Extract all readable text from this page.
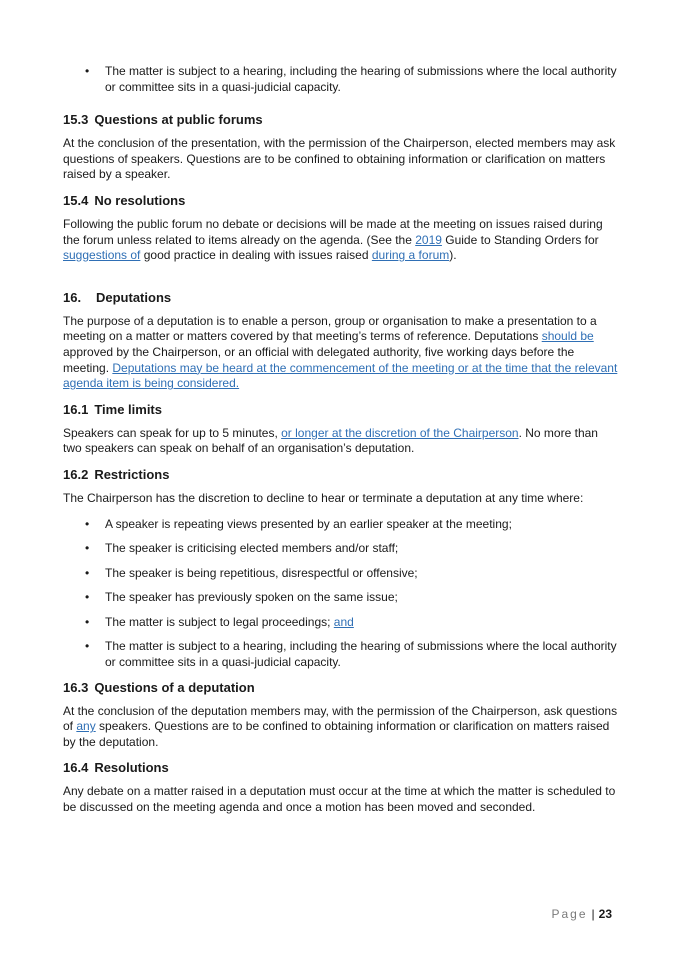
• The matter is subject to a hearing, including the hearing of submissions where the local authority or committee sits in a quasi-judicial capacity.
15.3 Questions at public forums

At the conclusion of the presentation, with the permission of the Chairperson, elected members may ask questions of speakers. Questions are to be confined to obtaining information or clarification on matters raised by a speaker.

15.4 No resolutions

Following the public forum no debate or decisions will be made at the meeting on issues raised during the forum unless related to items already on the agenda. (See the 2019 Guide to Standing Orders for suggestions of good practice in dealing with issues raised during a forum).

16. Deputations

The purpose of a deputation is to enable a person, group or organisation to make a presentation to a meeting on a matter or matters covered by that meeting’s terms of reference. Deputations should be approved by the Chairperson, or an official with delegated authority, five working days before the meeting. Deputations may be heard at the commencement of the meeting or at the time that the relevant agenda item is being considered.

16.1 Time limits

Speakers can speak for up to 5 minutes, or longer at the discretion of the Chairperson. No more than two speakers can speak on behalf of an organisation’s deputation.

16.2 Restrictions

The Chairperson has the discretion to decline to hear or terminate a deputation at any time where:

• A speaker is repeating views presented by an earlier speaker at the meeting;
• The speaker is criticising elected members and/or staff;
• The speaker is being repetitious, disrespectful or offensive;
• The speaker has previously spoken on the same issue;
• The matter is subject to legal proceedings; and
• The matter is subject to a hearing, including the hearing of submissions where the local authority or committee sits in a quasi-judicial capacity.
16.3 Questions of a deputation

At the conclusion of the deputation members may, with the permission of the Chairperson, ask questions of any speakers. Questions are to be confined to obtaining information or clarification on matters raised by the deputation.

16.4 Resolutions

Any debate on a matter raised in a deputation must occur at the time at which the matter is scheduled to be discussed on the meeting agenda and once a motion has been moved and seconded.

Page | 23
